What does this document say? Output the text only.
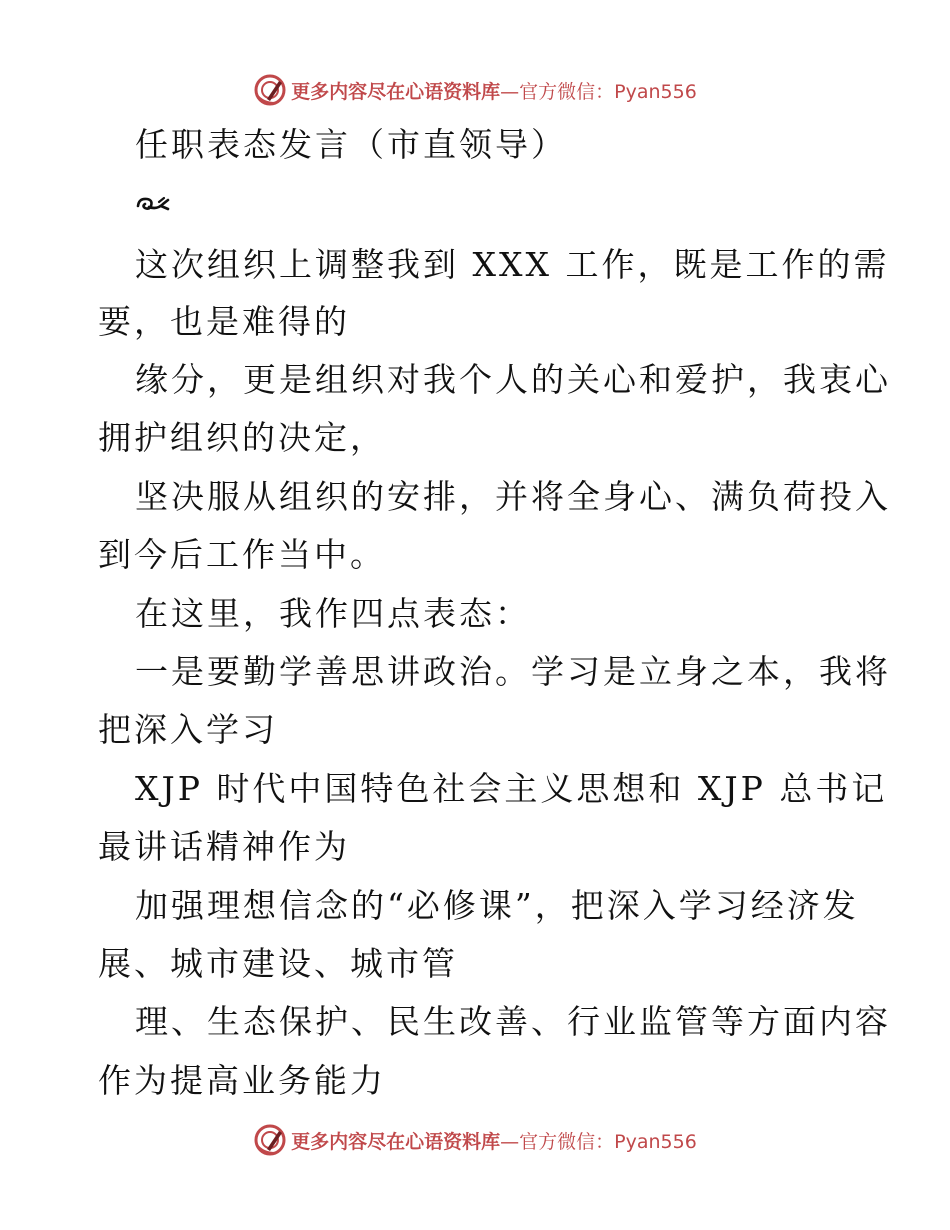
更多内容尽在心语资料库 —官方微信：Pyan556
任职表态发言（市直领导）
这次组织上调整我到 XXX 工作，既是工作的需
要，也是难得的
缘分，更是组织对我个人的关心和爱护，我衷心
拥护组织的决定，
坚决服从组织的安排，并将全身心、满负荷投入
到今后工作当中。
在这里，我作四点表态：
一是要勤学善思讲政治。学习是立身之本，我将
把深入学习
XJP 时代中国特色社会主义思想和 XJP 总书记
最讲话精神作为
加强理想信念的“必修课”，把深入学习经济发
展、城市建设、城市管
理、生态保护、民生改善、行业监管等方面内容
作为提高业务能力
更多内容尽在心语资料库 —官方微信：Pyan556
